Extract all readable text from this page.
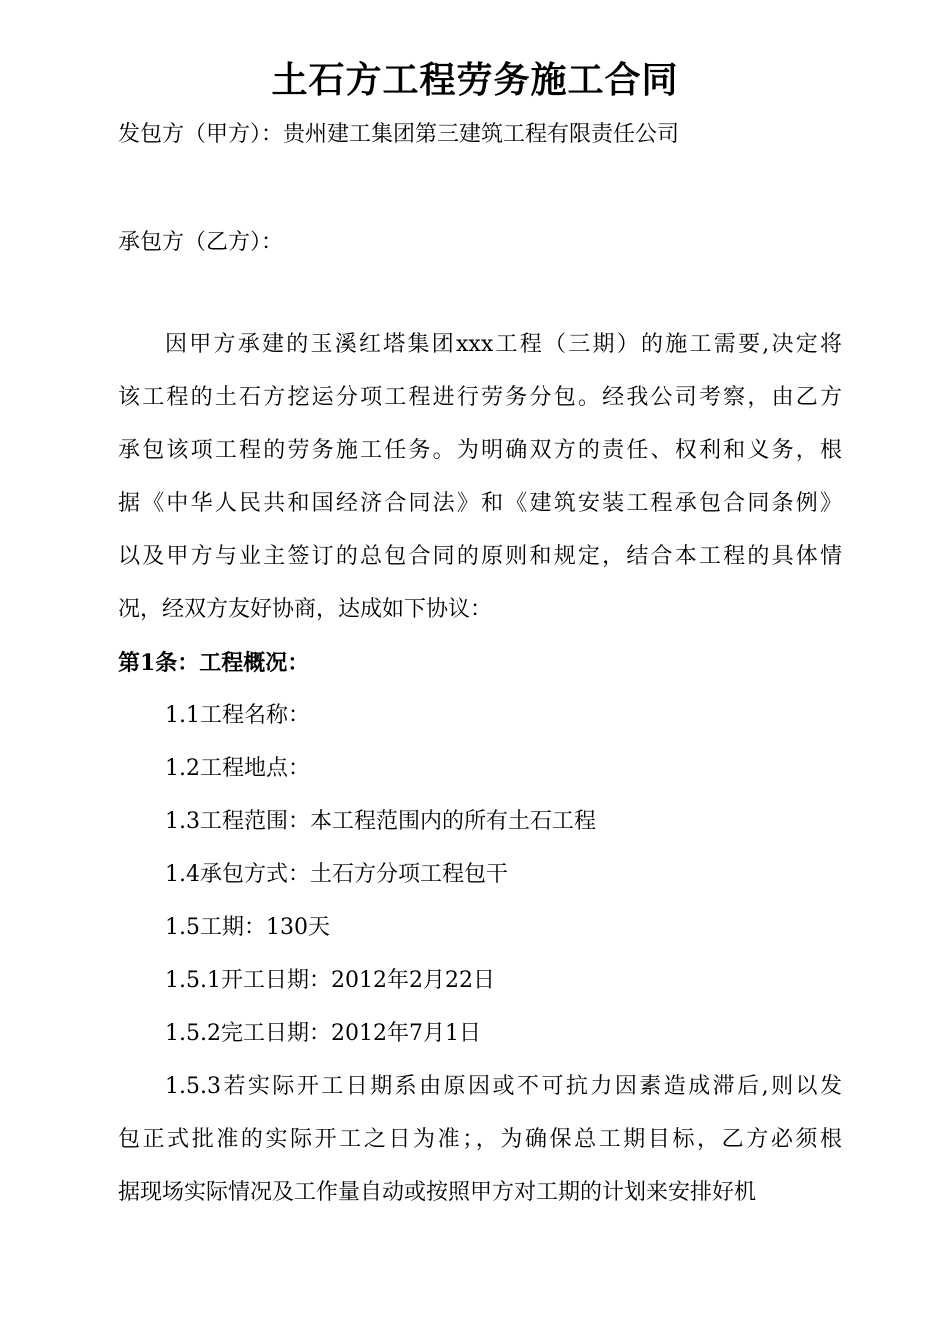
土石方工程劳务施工合同
发包方（甲方）：贵州建工集团第三建筑工程有限责任公司
承包方（乙方）：
因甲方承建的玉溪红塔集团xxx工程（三期）的施工需要,决定将
该工程的土石方挖运分项工程进行劳务分包。经我公司考察，由乙方
承包该项工程的劳务施工任务。为明确双方的责任、权利和义务，根
据《中华人民共和国经济合同法》和《建筑安装工程承包合同条例》
以及甲方与业主签订的总包合同的原则和规定，结合本工程的具体情
况，经双方友好协商，达成如下协议：
第1条：工程概况：
1.1工程名称：
1.2工程地点：
1.3工程范围：本工程范围内的所有土石工程
1.4承包方式：土石方分项工程包干
1.5工期：130天
1.5.1开工日期：2012年2月22日
1.5.2完工日期：2012年7月1日
1.5.3若实际开工日期系由原因或不可抗力因素造成滞后,则以发
包正式批准的实际开工之日为准；，为确保总工期目标，乙方必须根
据现场实际情况及工作量自动或按照甲方对工期的计划来安排好机
